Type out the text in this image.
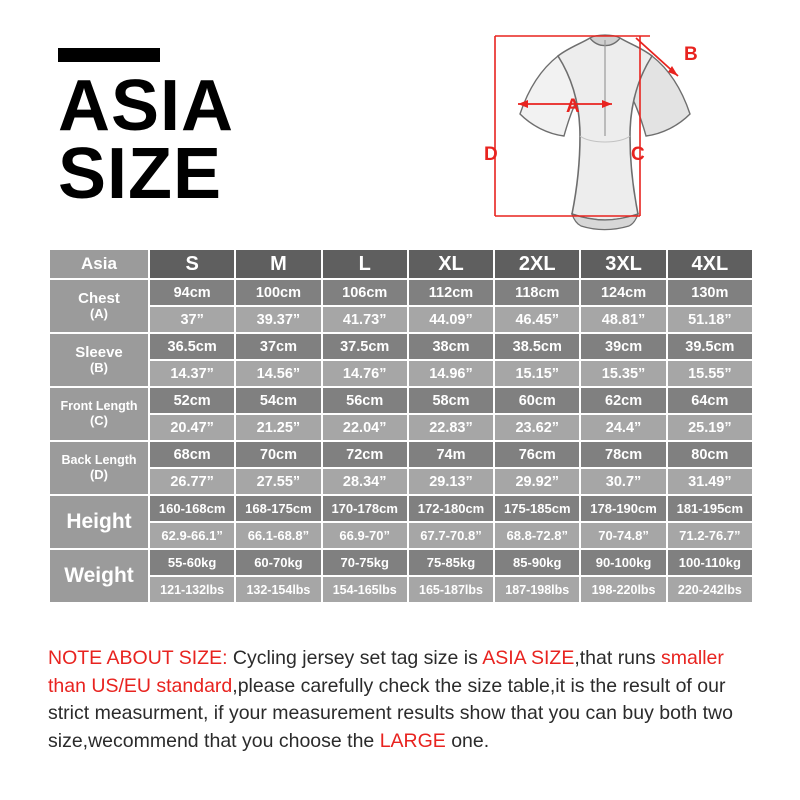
ASIA
SIZE
A
B
C
D
Asia	S	M	L	XL	2XL	3XL	4XL
Chest
(A)	94cm	100cm	106cm	112cm	118cm	124cm	130m
	37”	39.37”	41.73”	44.09”	46.45”	48.81”	51.18”
Sleeve
(B)	36.5cm	37cm	37.5cm	38cm	38.5cm	39cm	39.5cm
	14.37”	14.56”	14.76”	14.96”	15.15”	15.35”	15.55”
Front Length
(C)	52cm	54cm	56cm	58cm	60cm	62cm	64cm
	20.47”	21.25”	22.04”	22.83”	23.62”	24.4”	25.19”
Back Length
(D)	68cm	70cm	72cm	74m	76cm	78cm	80cm
	26.77”	27.55”	28.34”	29.13”	29.92”	30.7”	31.49”
Height	160-168cm	168-175cm	170-178cm	172-180cm	175-185cm	178-190cm	181-195cm
	62.9-66.1”	66.1-68.8”	66.9-70”	67.7-70.8”	68.8-72.8”	70-74.8”	71.2-76.7”
Weight	55-60kg	60-70kg	70-75kg	75-85kg	85-90kg	90-100kg	100-110kg
	121-132lbs	132-154lbs	154-165lbs	165-187lbs	187-198lbs	198-220lbs	220-242lbs
NOTE ABOUT SIZE: Cycling jersey set tag size is ASIA SIZE,that runs smaller than US/EU standard,please carefully check the size table,it is the result of our strict measurment, if your measurement results show that you can buy both two size,wecommend that you choose the LARGE one.
